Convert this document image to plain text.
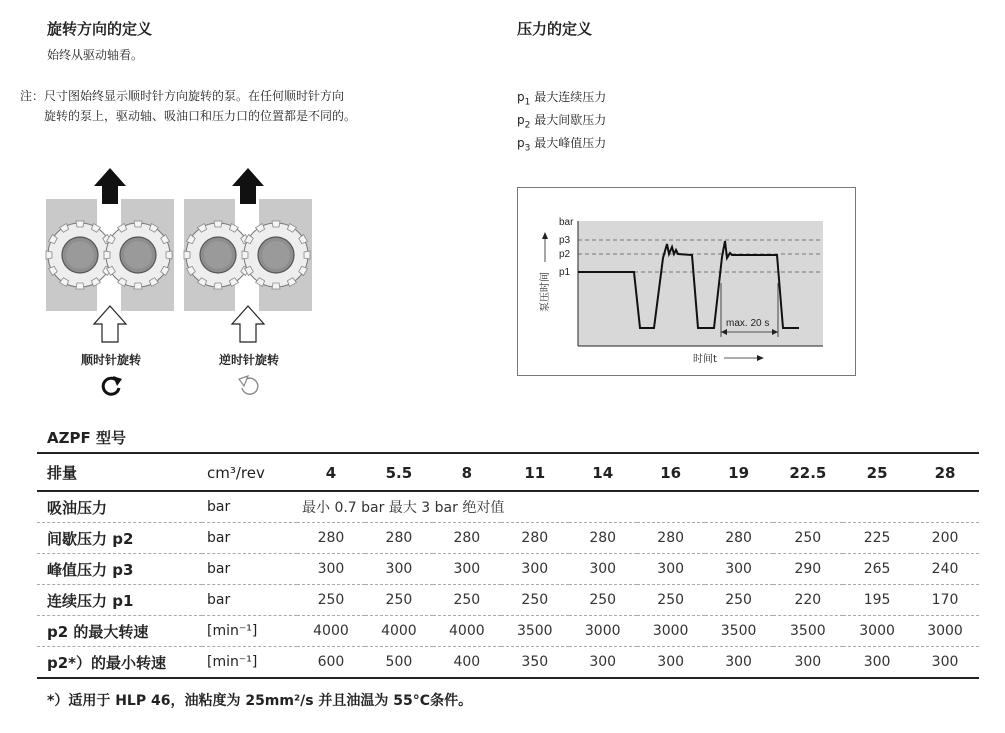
旋转方向的定义
始终从驱动轴看。
注： 尺寸图始终显示顺时针方向旋转的泵。在任何顺时针方向
旋转的泵上，驱动轴、吸油口和压力口的位置都是不同的。
顺时针旋转	逆时针旋转
压力的定义
$p_1$ 最大连续压力
$p_2$ 最大间歇压力
$p_3$ 最大峰值压力
bar
p3
p2
p1
泵压时间
max. 20 s
时间t
AZPF 型号
排量	cm³/rev	4	5.5	8	11	14	16	19	22.5	25	28
吸油压力	bar	最小 0.7 bar 最大 3 bar 绝对值									
间歇压力 p2	bar	280	280	280	280	280	280	280	250	225	200
峰值压力 p3	bar	300	300	300	300	300	300	300	290	265	240
连续压力 p1	bar	250	250	250	250	250	250	250	220	195	170
p2 的最大转速	[min⁻¹]	4000	4000	4000	3500	3000	3000	3500	3500	3000	3000
p2*）的最小转速	[min⁻¹]	600	500	400	350	300	300	300	300	300	300
*）适用于 HLP 46，油粘度为 25mm²/s 并且油温为 55°C条件。
